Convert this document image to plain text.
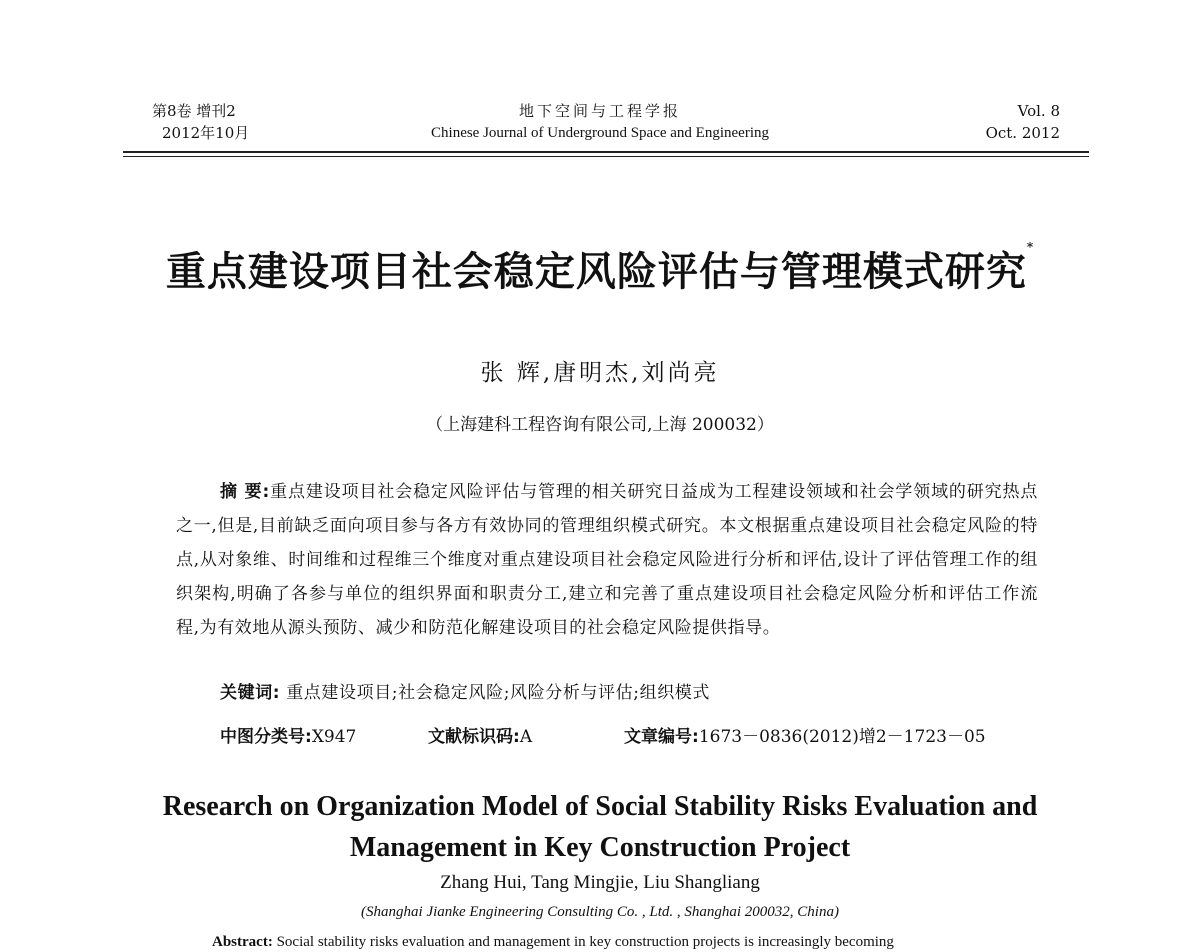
第8卷 增刊2
2012年10月
地下空间与工程学报
Chinese Journal of Underground Space and Engineering
Vol. 8
Oct. 2012
重点建设项目社会稳定风险评估与管理模式研究*
张 辉,唐明杰,刘尚亮
（上海建科工程咨询有限公司,上海 200032）
摘 要:重点建设项目社会稳定风险评估与管理的相关研究日益成为工程建设领域和社会学领域的研究热点之一,但是,目前缺乏面向项目参与各方有效协同的管理组织模式研究。本文根据重点建设项目社会稳定风险的特点,从对象维、时间维和过程维三个维度对重点建设项目社会稳定风险进行分析和评估,设计了评估管理工作的组织架构,明确了各参与单位的组织界面和职责分工,建立和完善了重点建设项目社会稳定风险分析和评估工作流程,为有效地从源头预防、减少和防范化解建设项目的社会稳定风险提供指导。
关键词: 重点建设项目;社会稳定风险;风险分析与评估;组织模式
中图分类号:X947	文献标识码:A	文章编号:1673－0836(2012)增2－1723－05
Research on Organization Model of Social Stability Risks Evaluation and
Management in Key Construction Project
Zhang Hui, Tang Mingjie, Liu Shangliang
(Shanghai Jianke Engineering Consulting Co. , Ltd. , Shanghai 200032, China)
Abstract: Social stability risks evaluation and management in key construction projects is increasingly becoming
